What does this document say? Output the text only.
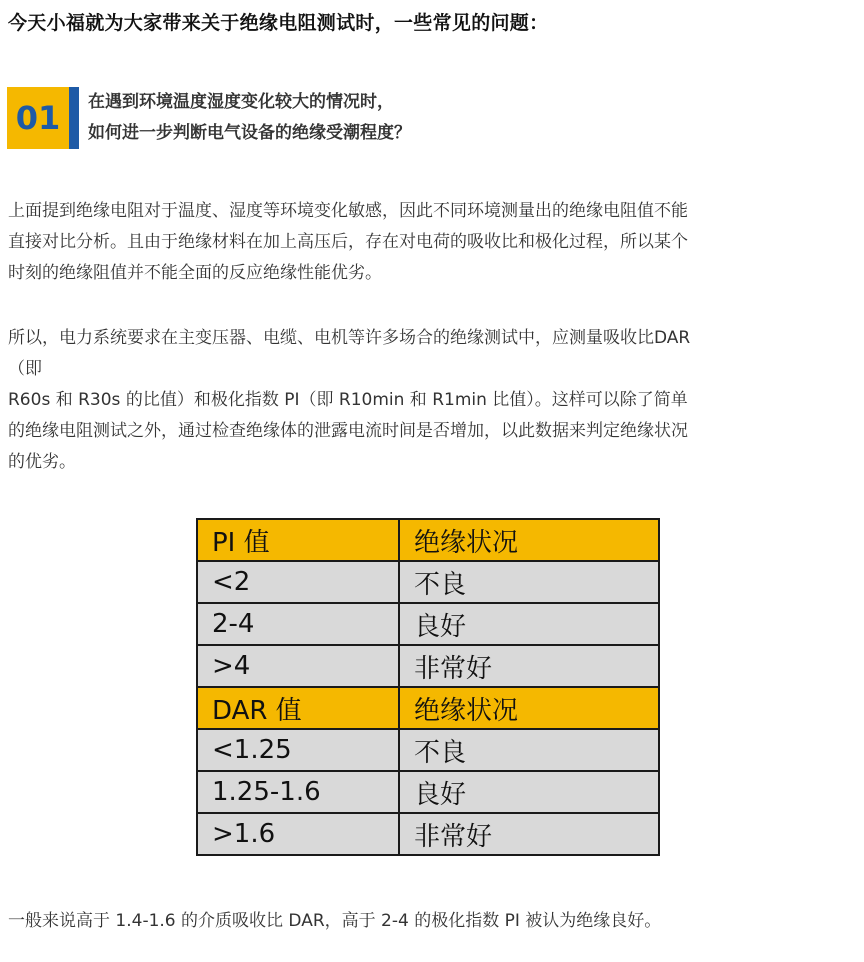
今天小福就为大家带来关于绝缘电阻测试时，一些常见的问题：
01	在遇到环境温度湿度变化较大的情况时，
如何进一步判断电气设备的绝缘受潮程度？
上面提到绝缘电阻对于温度、湿度等环境变化敏感，因此不同环境测量出的绝缘电阻值不能
直接对比分析。且由于绝缘材料在加上高压后，存在对电荷的吸收比和极化过程，所以某个
时刻的绝缘阻值并不能全面的反应绝缘性能优劣。
所以，电力系统要求在主变压器、电缆、电机等许多场合的绝缘测试中，应测量吸收比DAR
（即
R60s 和 R30s 的比值）和极化指数 PI（即 R10min 和 R1min 比值）。这样可以除了简单
的绝缘电阻测试之外，通过检查绝缘体的泄露电流时间是否增加，以此数据来判定绝缘状况
的优劣。
PI 值	绝缘状况
<2	不良
2-4	良好
>4	非常好
DAR 值	绝缘状况
<1.25	不良
1.25-1.6	良好
>1.6	非常好
一般来说高于 1.4-1.6 的介质吸收比 DAR，高于 2-4 的极化指数 PI 被认为绝缘良好。
